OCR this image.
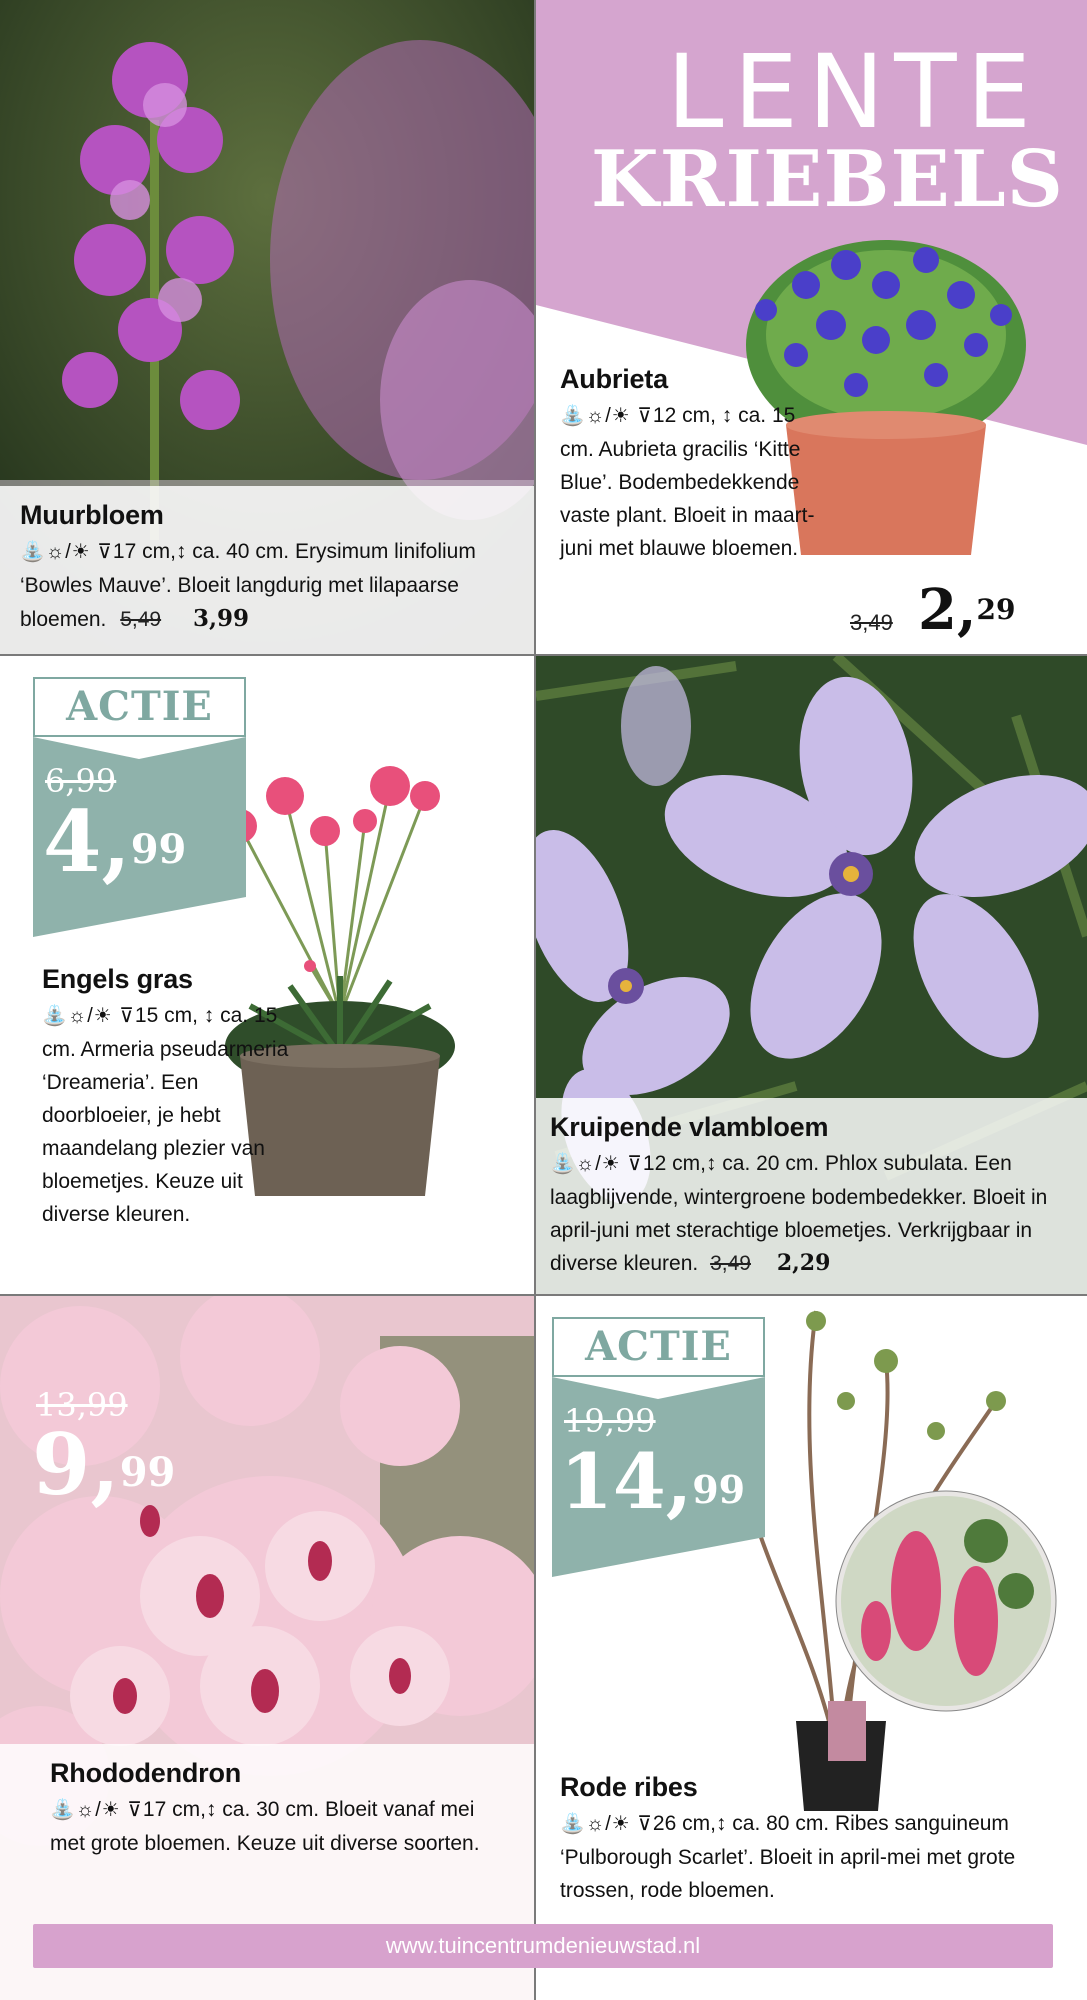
Muurbloem
⛲☼/☀ ⊽17 cm,↕ ca. 40 cm. Erysimum linifolium ‘Bowles Mauve’. Bloeit langdurig met lilapaarse bloemen. 5,49 3,99
LENTE
KRIEBELS
Aubrieta
⛲☼/☀ ⊽12 cm, ↕ ca. 15 cm. Aubrieta gracilis ‘Kitte Blue’. Bodembedekkende vaste plant. Bloeit in maart-juni met blauwe bloemen.
3,49 2,29
ACTIE
6,99
4,99
Engels gras
⛲☼/☀ ⊽15 cm, ↕ ca. 15 cm. Armeria pseudarmeria ‘Dreameria’. Een doorbloeier, je hebt maandelang plezier van bloemetjes. Keuze uit diverse kleuren.
Kruipende vlambloem
⛲☼/☀ ⊽12 cm,↕ ca. 20 cm. Phlox subulata. Een laagblijvende, wintergroene bodembedekker. Bloeit in april-juni met sterachtige bloemetjes. Verkrijgbaar in diverse kleuren. 3,49 2,29
13,99
9,99
Rhododendron
⛲☼/☀ ⊽17 cm,↕ ca. 30 cm. Bloeit vanaf mei met grote bloemen. Keuze uit diverse soorten.
ACTIE
19,99
14,99
Rode ribes
⛲☼/☀ ⊽26 cm,↕ ca. 80 cm. Ribes sanguineum ‘Pulborough Scarlet’. Bloeit in april-mei met grote trossen, rode bloemen.
www.tuincentrumdenieuwstad.nl
